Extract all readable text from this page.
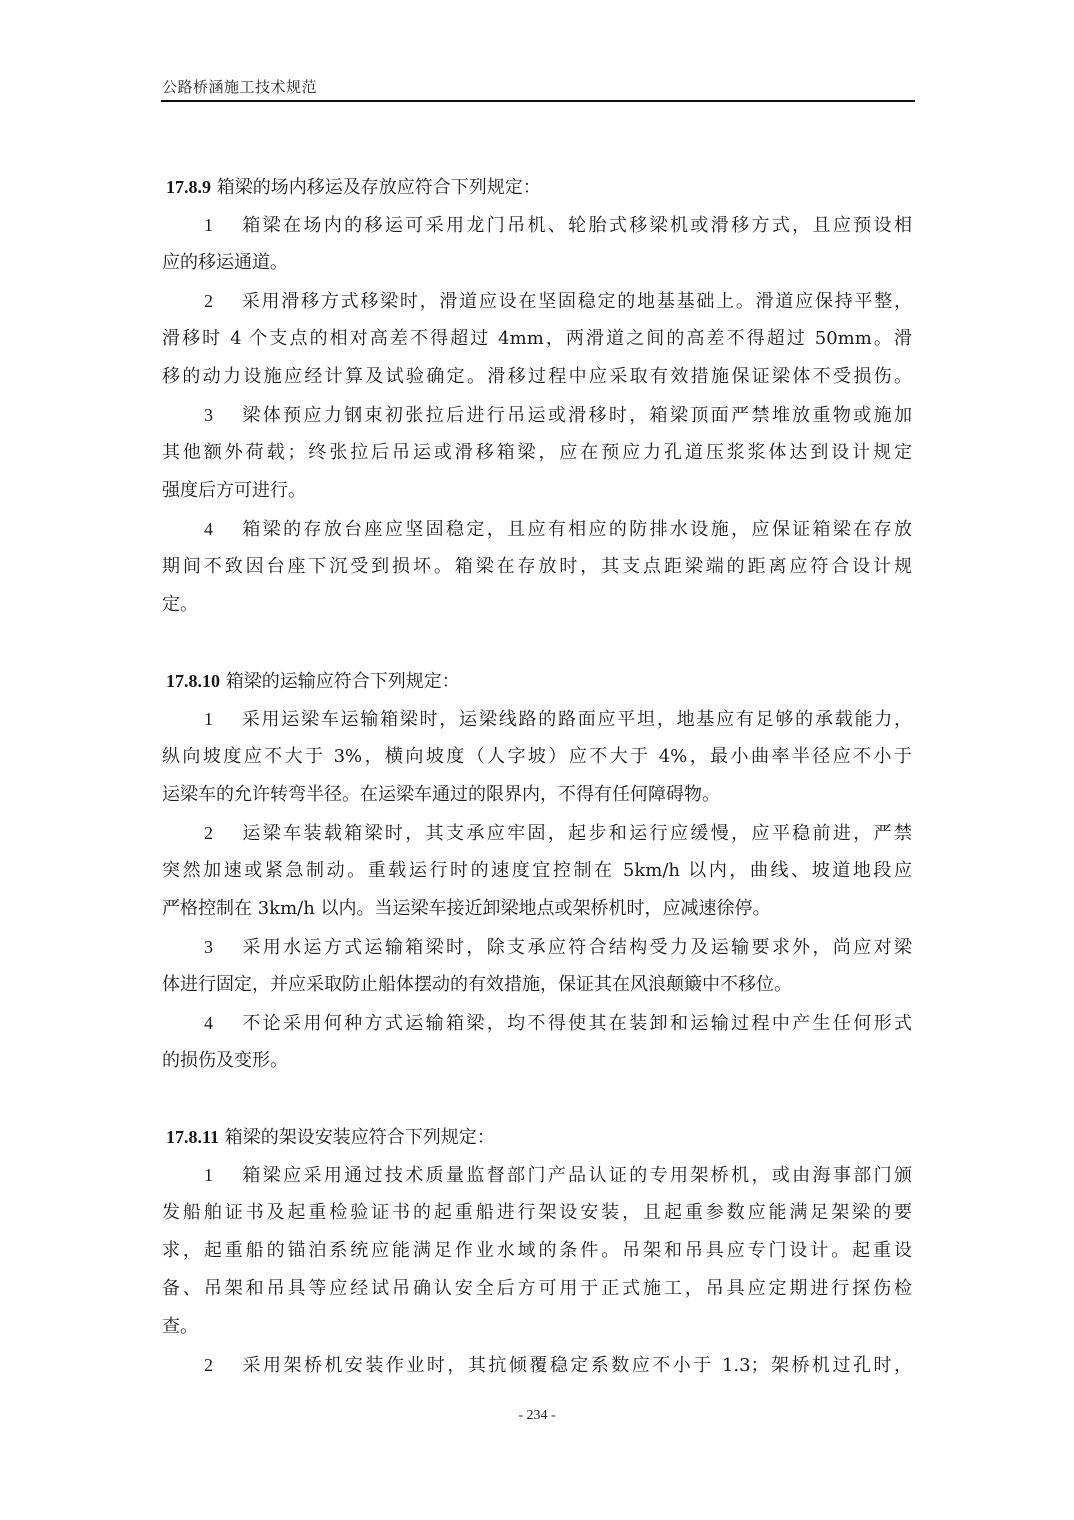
公路桥涵施工技术规范
17.8.9 箱梁的场内移运及存放应符合下列规定：
1 箱梁在场内的移运可采用龙门吊机、轮胎式移梁机或滑移方式，且应预设相
应的移运通道。
2 采用滑移方式移梁时，滑道应设在坚固稳定的地基基础上。滑道应保持平整，
滑移时 4 个支点的相对高差不得超过 4mm，两滑道之间的高差不得超过 50mm。滑
移的动力设施应经计算及试验确定。滑移过程中应采取有效措施保证梁体不受损伤。
3 梁体预应力钢束初张拉后进行吊运或滑移时，箱梁顶面严禁堆放重物或施加
其他额外荷载；终张拉后吊运或滑移箱梁，应在预应力孔道压浆浆体达到设计规定
强度后方可进行。
4 箱梁的存放台座应坚固稳定，且应有相应的防排水设施，应保证箱梁在存放
期间不致因台座下沉受到损坏。箱梁在存放时，其支点距梁端的距离应符合设计规
定。
17.8.10 箱梁的运输应符合下列规定：
1 采用运梁车运输箱梁时，运梁线路的路面应平坦，地基应有足够的承载能力，
纵向坡度应不大于 3%，横向坡度（人字坡）应不大于 4%，最小曲率半径应不小于
运梁车的允许转弯半径。在运梁车通过的限界内，不得有任何障碍物。
2 运梁车装载箱梁时，其支承应牢固，起步和运行应缓慢，应平稳前进，严禁
突然加速或紧急制动。重载运行时的速度宜控制在 5km/h 以内，曲线、坡道地段应
严格控制在 3km/h 以内。当运梁车接近卸梁地点或架桥机时，应减速徐停。
3 采用水运方式运输箱梁时，除支承应符合结构受力及运输要求外，尚应对梁
体进行固定，并应采取防止船体摆动的有效措施，保证其在风浪颠簸中不移位。
4 不论采用何种方式运输箱梁，均不得使其在装卸和运输过程中产生任何形式
的损伤及变形。
17.8.11 箱梁的架设安装应符合下列规定：
1 箱梁应采用通过技术质量监督部门产品认证的专用架桥机，或由海事部门颁
发船舶证书及起重检验证书的起重船进行架设安装，且起重参数应能满足架梁的要
求，起重船的锚泊系统应能满足作业水域的条件。吊架和吊具应专门设计。起重设
备、吊架和吊具等应经试吊确认安全后方可用于正式施工，吊具应定期进行探伤检
查。
2 采用架桥机安装作业时，其抗倾覆稳定系数应不小于 1.3；架桥机过孔时，
- 234 -
